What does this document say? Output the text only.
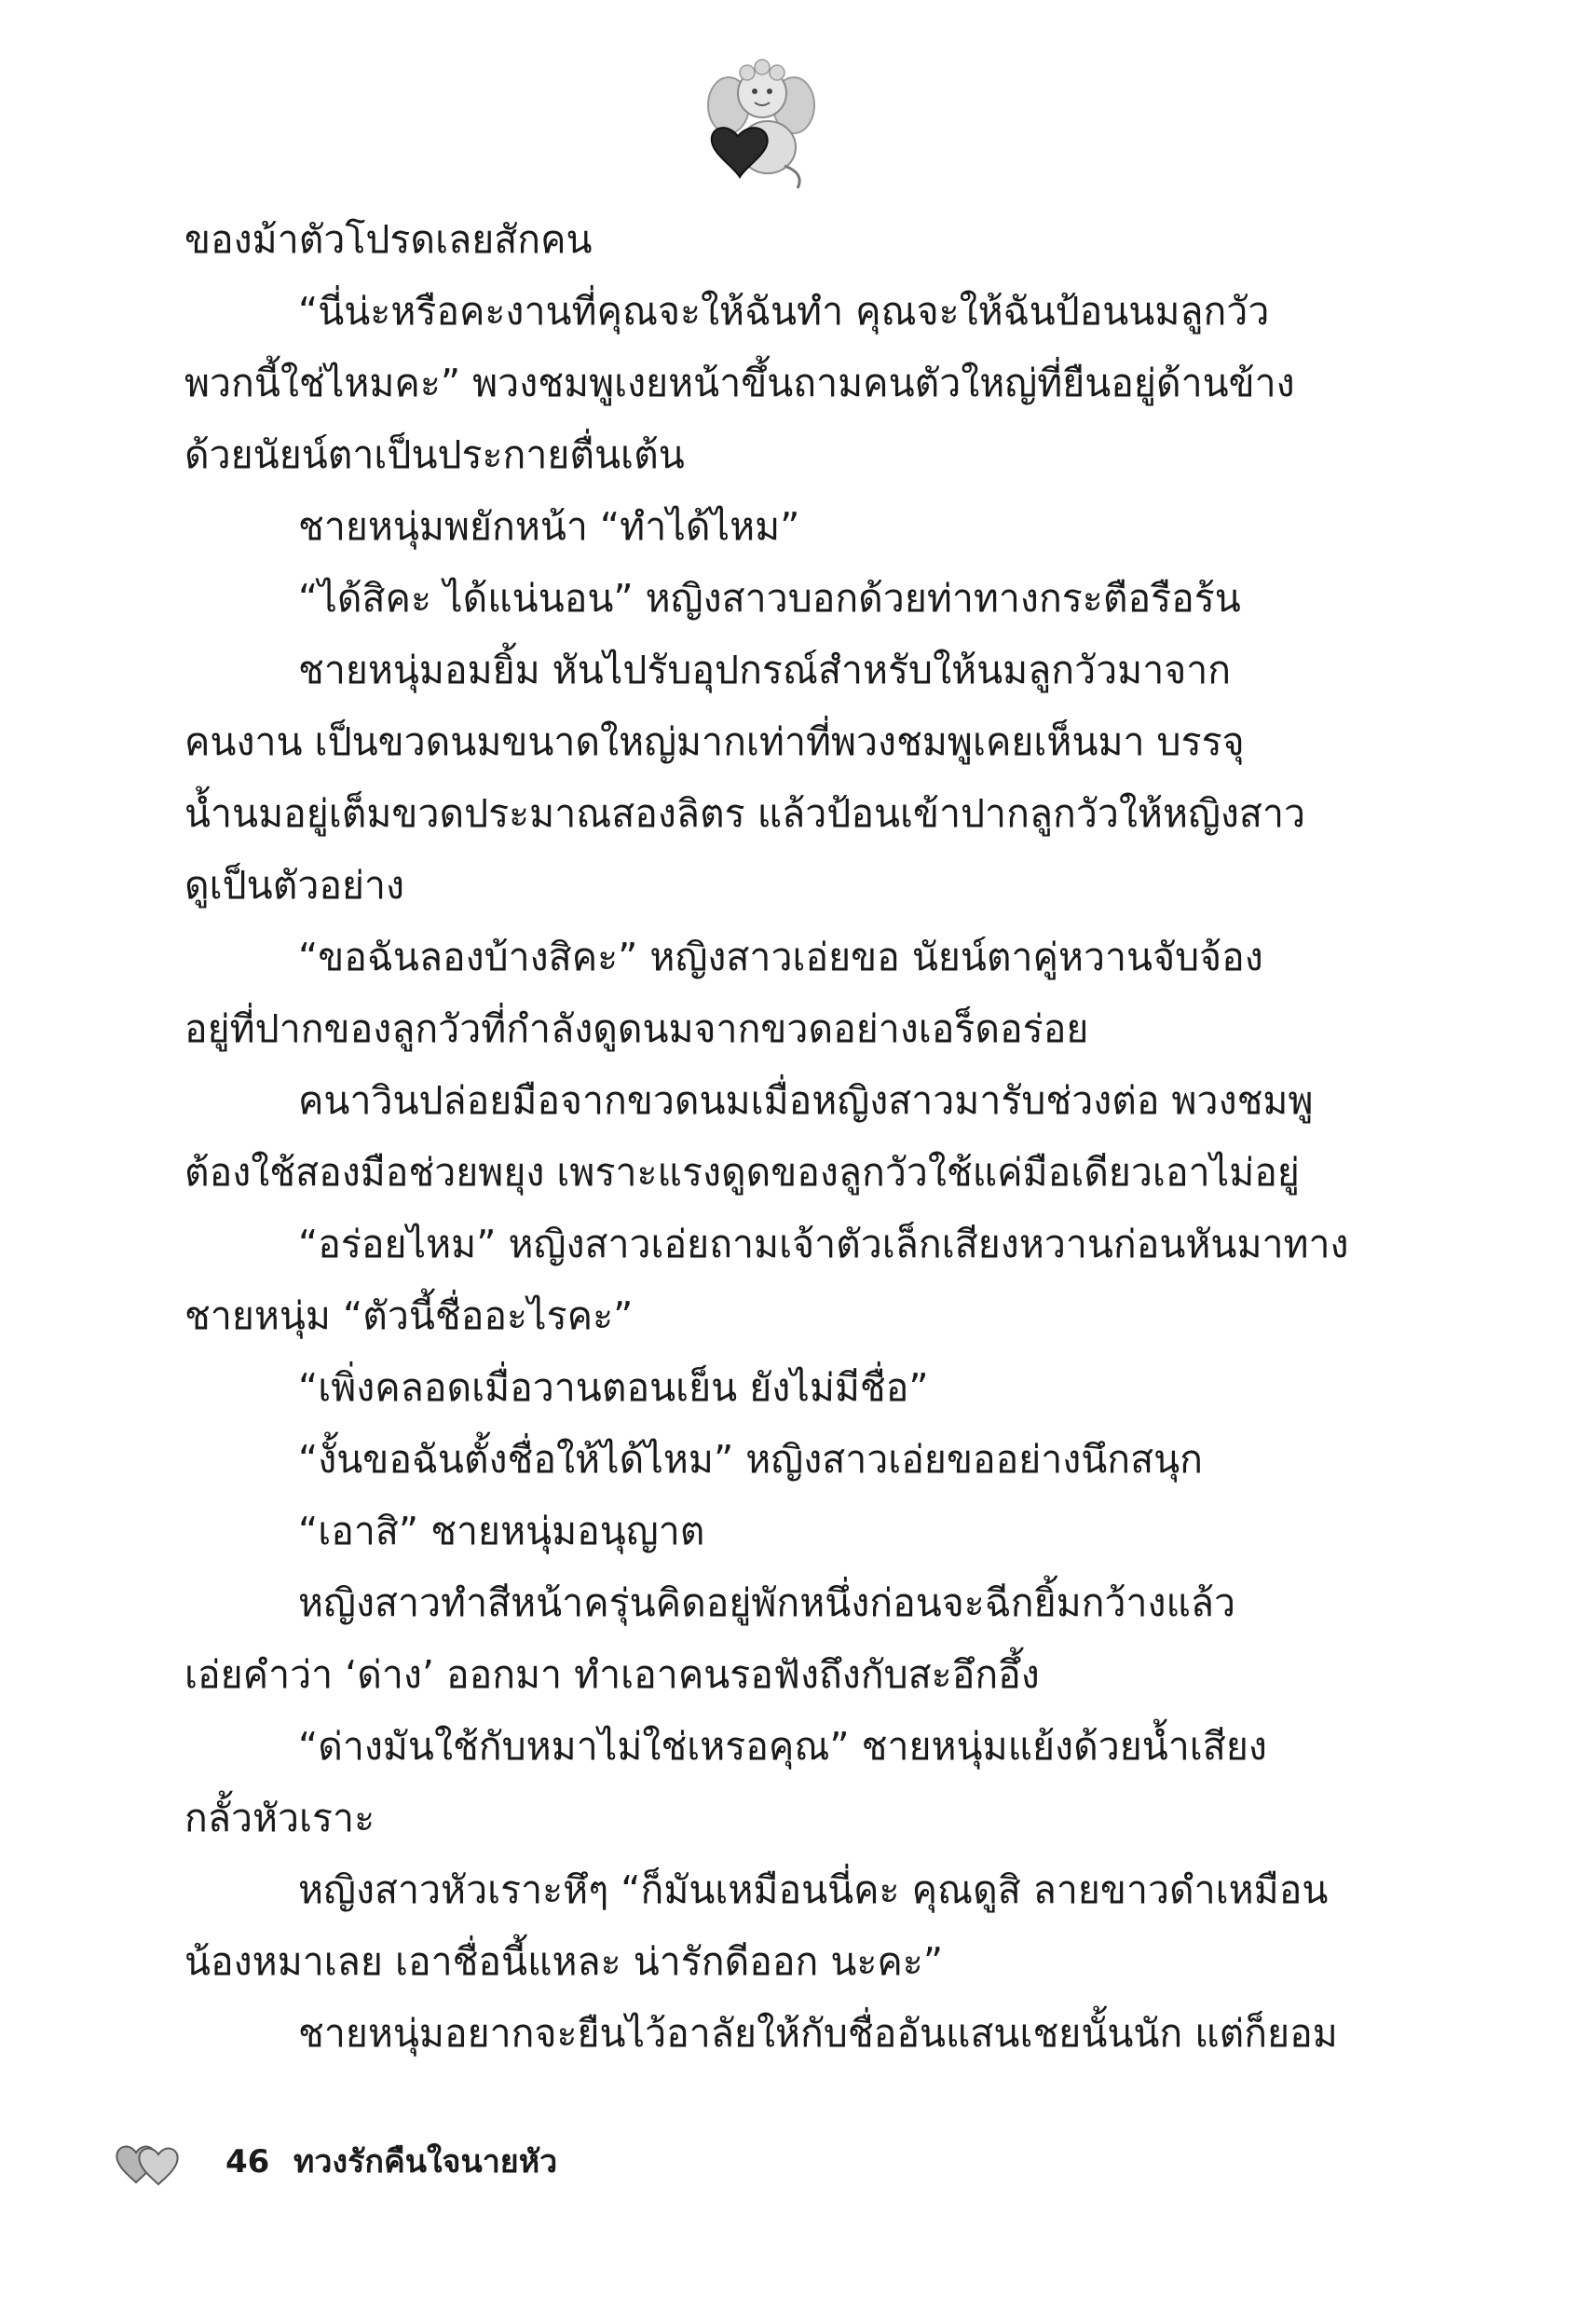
ของม้าตัวโปรดเลยสักคน
“นี่น่ะหรือคะงานที่คุณจะให้ฉันทำ คุณจะให้ฉันป้อนนมลูกวัว
พวกนี้ใช่ไหมคะ” พวงชมพูเงยหน้าขึ้นถามคนตัวใหญ่ที่ยืนอยู่ด้านข้าง
ด้วยนัยน์ตาเป็นประกายตื่นเต้น
ชายหนุ่มพยักหน้า “ทำได้ไหม”
“ได้สิคะ ได้แน่นอน” หญิงสาวบอกด้วยท่าทางกระตือรือร้น
ชายหนุ่มอมยิ้ม หันไปรับอุปกรณ์สำหรับให้นมลูกวัวมาจาก
คนงาน เป็นขวดนมขนาดใหญ่มากเท่าที่พวงชมพูเคยเห็นมา บรรจุ
น้ำนมอยู่เต็มขวดประมาณสองลิตร แล้วป้อนเข้าปากลูกวัวให้หญิงสาว
ดูเป็นตัวอย่าง
“ขอฉันลองบ้างสิคะ” หญิงสาวเอ่ยขอ นัยน์ตาคู่หวานจับจ้อง
อยู่ที่ปากของลูกวัวที่กำลังดูดนมจากขวดอย่างเอร็ดอร่อย
คนาวินปล่อยมือจากขวดนมเมื่อหญิงสาวมารับช่วงต่อ พวงชมพู
ต้องใช้สองมือช่วยพยุง เพราะแรงดูดของลูกวัวใช้แค่มือเดียวเอาไม่อยู่
“อร่อยไหม” หญิงสาวเอ่ยถามเจ้าตัวเล็กเสียงหวานก่อนหันมาทาง
ชายหนุ่ม “ตัวนี้ชื่ออะไรคะ”
“เพิ่งคลอดเมื่อวานตอนเย็น ยังไม่มีชื่อ”
“งั้นขอฉันตั้งชื่อให้ได้ไหม” หญิงสาวเอ่ยขออย่างนึกสนุก
“เอาสิ” ชายหนุ่มอนุญาต
หญิงสาวทำสีหน้าครุ่นคิดอยู่พักหนึ่งก่อนจะฉีกยิ้มกว้างแล้ว
เอ่ยคำว่า ‘ด่าง’ ออกมา ทำเอาคนรอฟังถึงกับสะอึกอึ้ง
“ด่างมันใช้กับหมาไม่ใช่เหรอคุณ” ชายหนุ่มแย้งด้วยน้ำเสียง
กลั้วหัวเราะ
หญิงสาวหัวเราะหึๆ “ก็มันเหมือนนี่คะ คุณดูสิ ลายขาวดำเหมือน
น้องหมาเลย เอาชื่อนี้แหละ น่ารักดีออก นะคะ”
ชายหนุ่มอยากจะยืนไว้อาลัยให้กับชื่ออันแสนเชยนั้นนัก แต่ก็ยอม
46 ทวงรักคืนใจนายหัว
